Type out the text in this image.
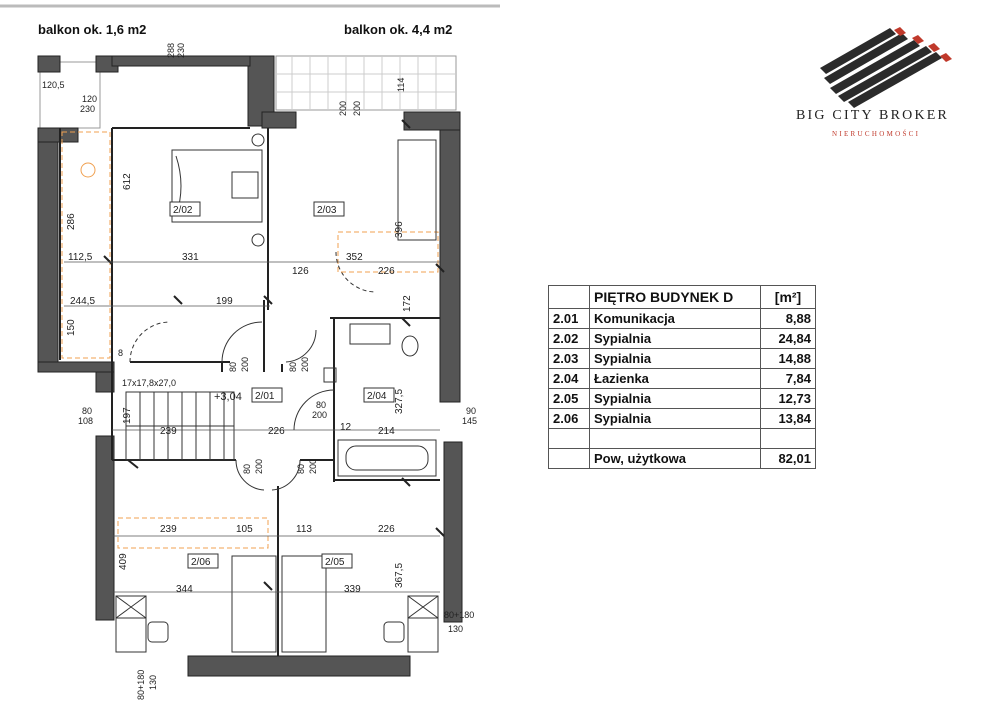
balkon ok. 1,6 m2	balkon ok. 4,4 m2
2/02	2/03
2/01	2/04
2/05
2/06
+3,04
17x17,8x27,0
331
126
352
226
112,5
244,5	199
239	226	214
12
239	105	113	226
344	339
120,5
120
230
80
108
90
145
80+180
130
80
200
8
612
286
150
396
327,5
197
409
367,5
172
288 230
200 200
114
80 200	80 200
80 200	80 200
80+180 130
BIG CITY BROKER
NIERUCHOMOŚCI
	PIĘTRO BUDYNEK D	[m²]
2.01	Komunikacja	8,88
2.02	Sypialnia	24,84
2.03	Sypialnia	14,88
2.04	Łazienka	7,84
2.05	Sypialnia	12,73
2.06	Sypialnia	13,84

	Pow, użytkowa	82,01
